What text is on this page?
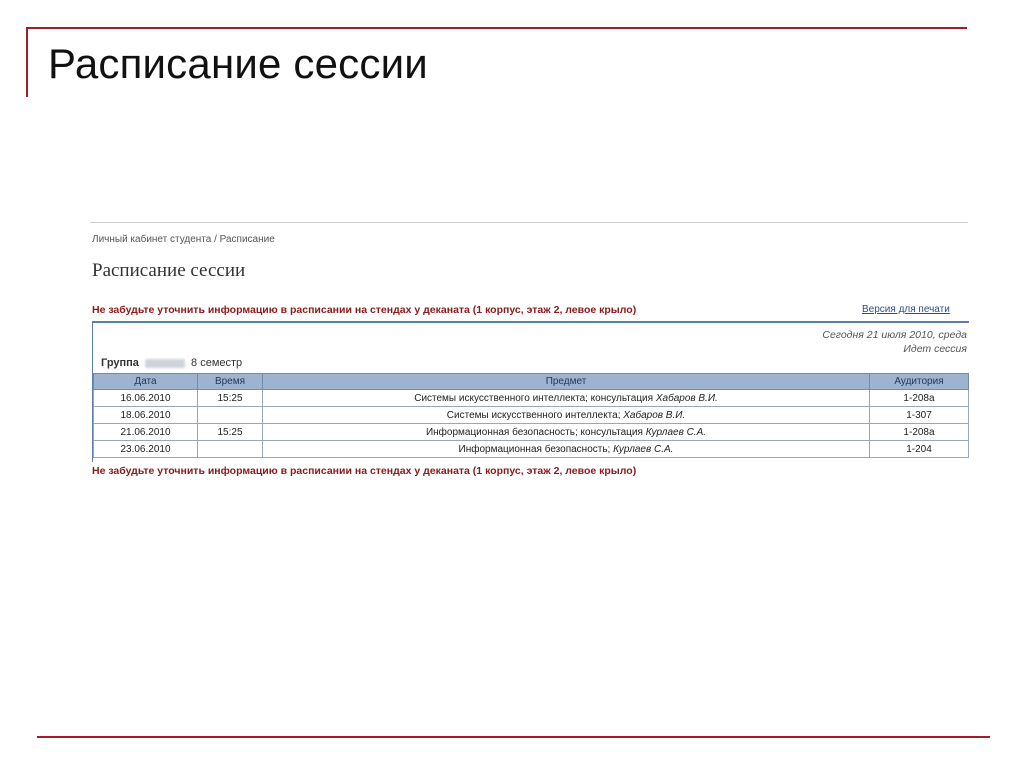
Расписание сессии
Личный кабинет студента / Расписание
Расписание сессии
Не забудьте уточнить информацию в расписании на стендах у деканата (1 корпус, этаж 2, левое крыло)	Версия для печати
Сегодня 21 июля 2010, среда
Идет сессия
Группа	8 семестр
Дата	Время	Предмет	Аудитория
16.06.2010	15:25	Системы искусственного интеллекта; консультация Хабаров В.И.	1-208а
18.06.2010		Системы искусственного интеллекта; Хабаров В.И.	1-307
21.06.2010	15:25	Информационная безопасность; консультация Курлаев С.А.	1-208а
23.06.2010		Информационная безопасность; Курлаев С.А.	1-204
Не забудьте уточнить информацию в расписании на стендах у деканата (1 корпус, этаж 2, левое крыло)
